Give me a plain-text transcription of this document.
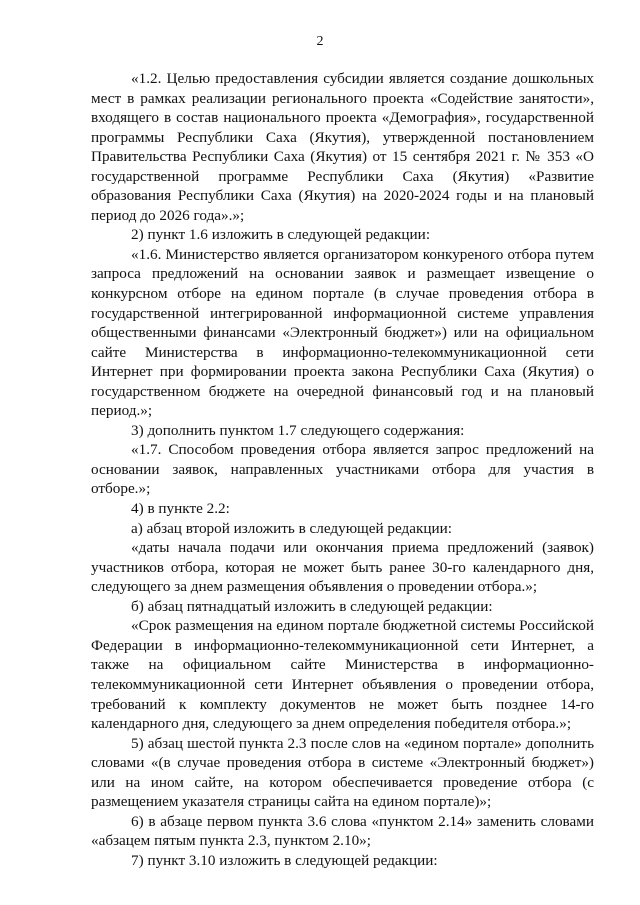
2

«1.2. Целью предоставления субсидии является создание дошкольных мест в рамках реализации регионального проекта «Содействие занятости», входящего в состав национального проекта «Демография», государственной программы Республики Саха (Якутия), утвержденной постановлением Правительства Республики Саха (Якутия) от 15 сентября 2021 г. № 353 «О государственной программе Республики Саха (Якутия) «Развитие образования Республики Саха (Якутия) на 2020-2024 годы и на плановый период до 2026 года».»;

2) пункт 1.6 изложить в следующей редакции:

«1.6. Министерство является организатором конкуреного отбора путем запроса предложений на основании заявок и размещает извещение о конкурсном отборе на едином портале (в случае проведения отбора в государственной интегрированной информационной системе управления общественными финансами «Электронный бюджет») или на официальном сайте Министерства в информационно-телекоммуникационной сети Интернет при формировании проекта закона Республики Саха (Якутия) о государственном бюджете на очередной финансовый год и на плановый период.»;

3) дополнить пунктом 1.7 следующего содержания:

«1.7. Способом проведения отбора является запрос предложений на основании заявок, направленных участниками отбора для участия в отборе.»;

4) в пункте 2.2:

а) абзац второй изложить в следующей редакции:

«даты начала подачи или окончания приема предложений (заявок) участников отбора, которая не может быть ранее 30-го календарного дня, следующего за днем размещения объявления о проведении отбора.»;

б) абзац пятнадцатый изложить в следующей редакции:

«Срок размещения на едином портале бюджетной системы Российской Федерации в информационно-телекоммуникационной сети Интернет, а также на официальном сайте Министерства в информационно-телекоммуникационной сети Интернет объявления о проведении отбора, требований к комплекту документов не может быть позднее 14-го календарного дня, следующего за днем определения победителя отбора.»;

5) абзац шестой пункта 2.3 после слов на «едином портале» дополнить словами «(в случае проведения отбора в системе «Электронный бюджет») или на ином сайте, на котором обеспечивается проведение отбора (с размещением указателя страницы сайта на едином портале)»;

6) в абзаце первом пункта 3.6 слова «пунктом 2.14» заменить словами «абзацем пятым пункта 2.3, пунктом 2.10»;

7) пункт 3.10 изложить в следующей редакции:
